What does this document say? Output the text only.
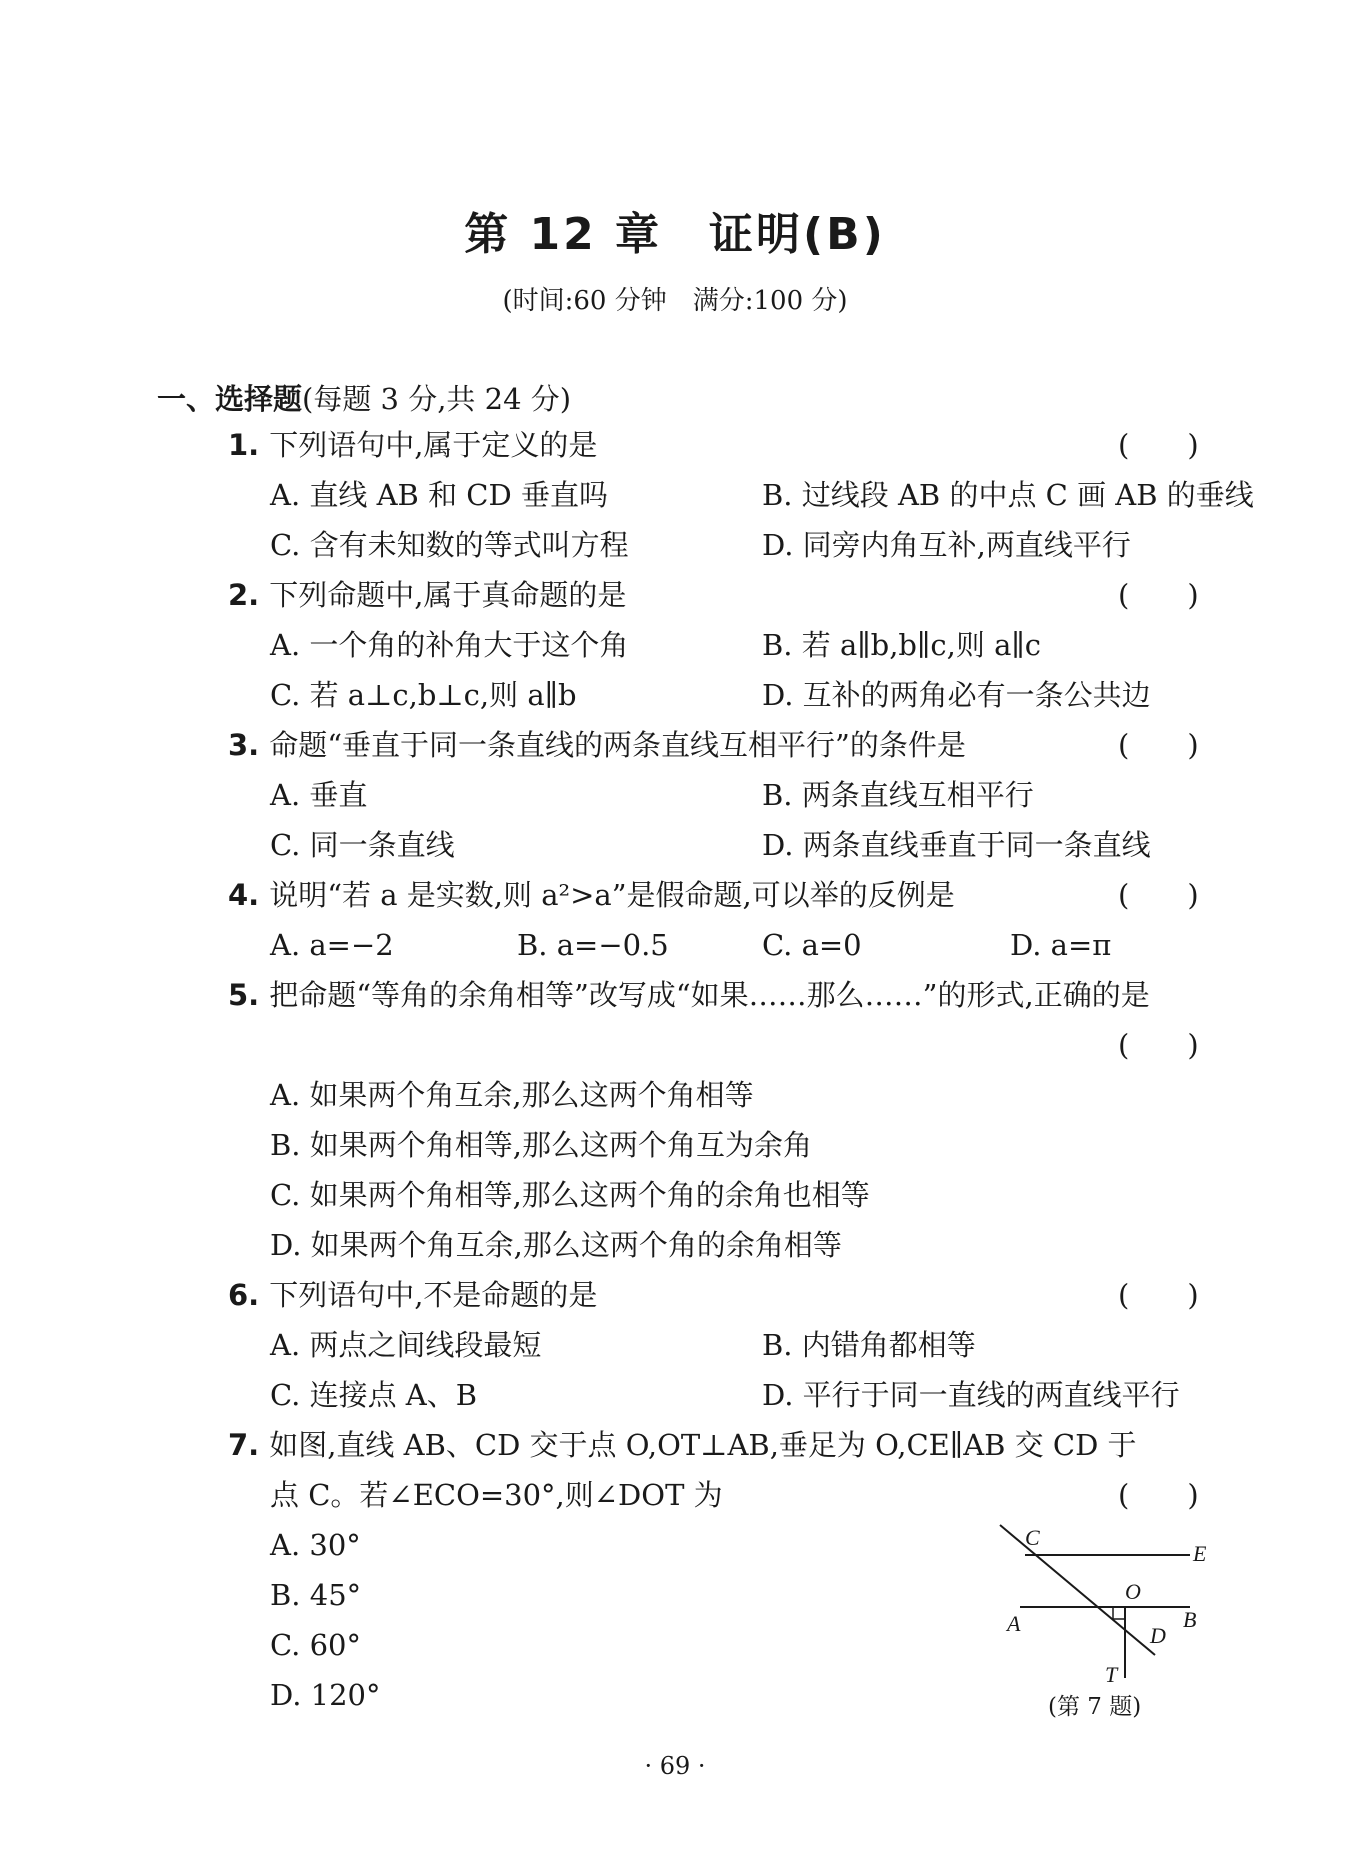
第 12 章　证明(B)
(时间:60 分钟　满分:100 分)
一、选择题(每题 3 分,共 24 分)
1. 下列语句中,属于定义的是	(　　)
A. 直线 AB 和 CD 垂直吗	B. 过线段 AB 的中点 C 画 AB 的垂线
C. 含有未知数的等式叫方程	D. 同旁内角互补,两直线平行
2. 下列命题中,属于真命题的是	(　　)
A. 一个角的补角大于这个角	B. 若 a∥b,b∥c,则 a∥c
C. 若 a⊥c,b⊥c,则 a∥b	D. 互补的两角必有一条公共边
3. 命题“垂直于同一条直线的两条直线互相平行”的条件是	(　　)
A. 垂直	B. 两条直线互相平行
C. 同一条直线	D. 两条直线垂直于同一条直线
4. 说明“若 a 是实数,则 a²>a”是假命题,可以举的反例是	(　　)
A. a=−2	B. a=−0.5	C. a=0	D. a=π
5. 把命题“等角的余角相等”改写成“如果……那么……”的形式,正确的是
(　　)
A. 如果两个角互余,那么这两个角相等
B. 如果两个角相等,那么这两个角互为余角
C. 如果两个角相等,那么这两个角的余角也相等
D. 如果两个角互余,那么这两个角的余角相等
6. 下列语句中,不是命题的是	(　　)
A. 两点之间线段最短	B. 内错角都相等
C. 连接点 A、B	D. 平行于同一直线的两直线平行
7. 如图,直线 AB、CD 交于点 O,OT⊥AB,垂足为 O,CE∥AB 交 CD 于
点 C。若∠ECO=30°,则∠DOT 为	(　　)
A. 30°
B. 45°
C. 60°
D. 120°
C
E
O
A	B
D
T
(第 7 题)
· 69 ·
